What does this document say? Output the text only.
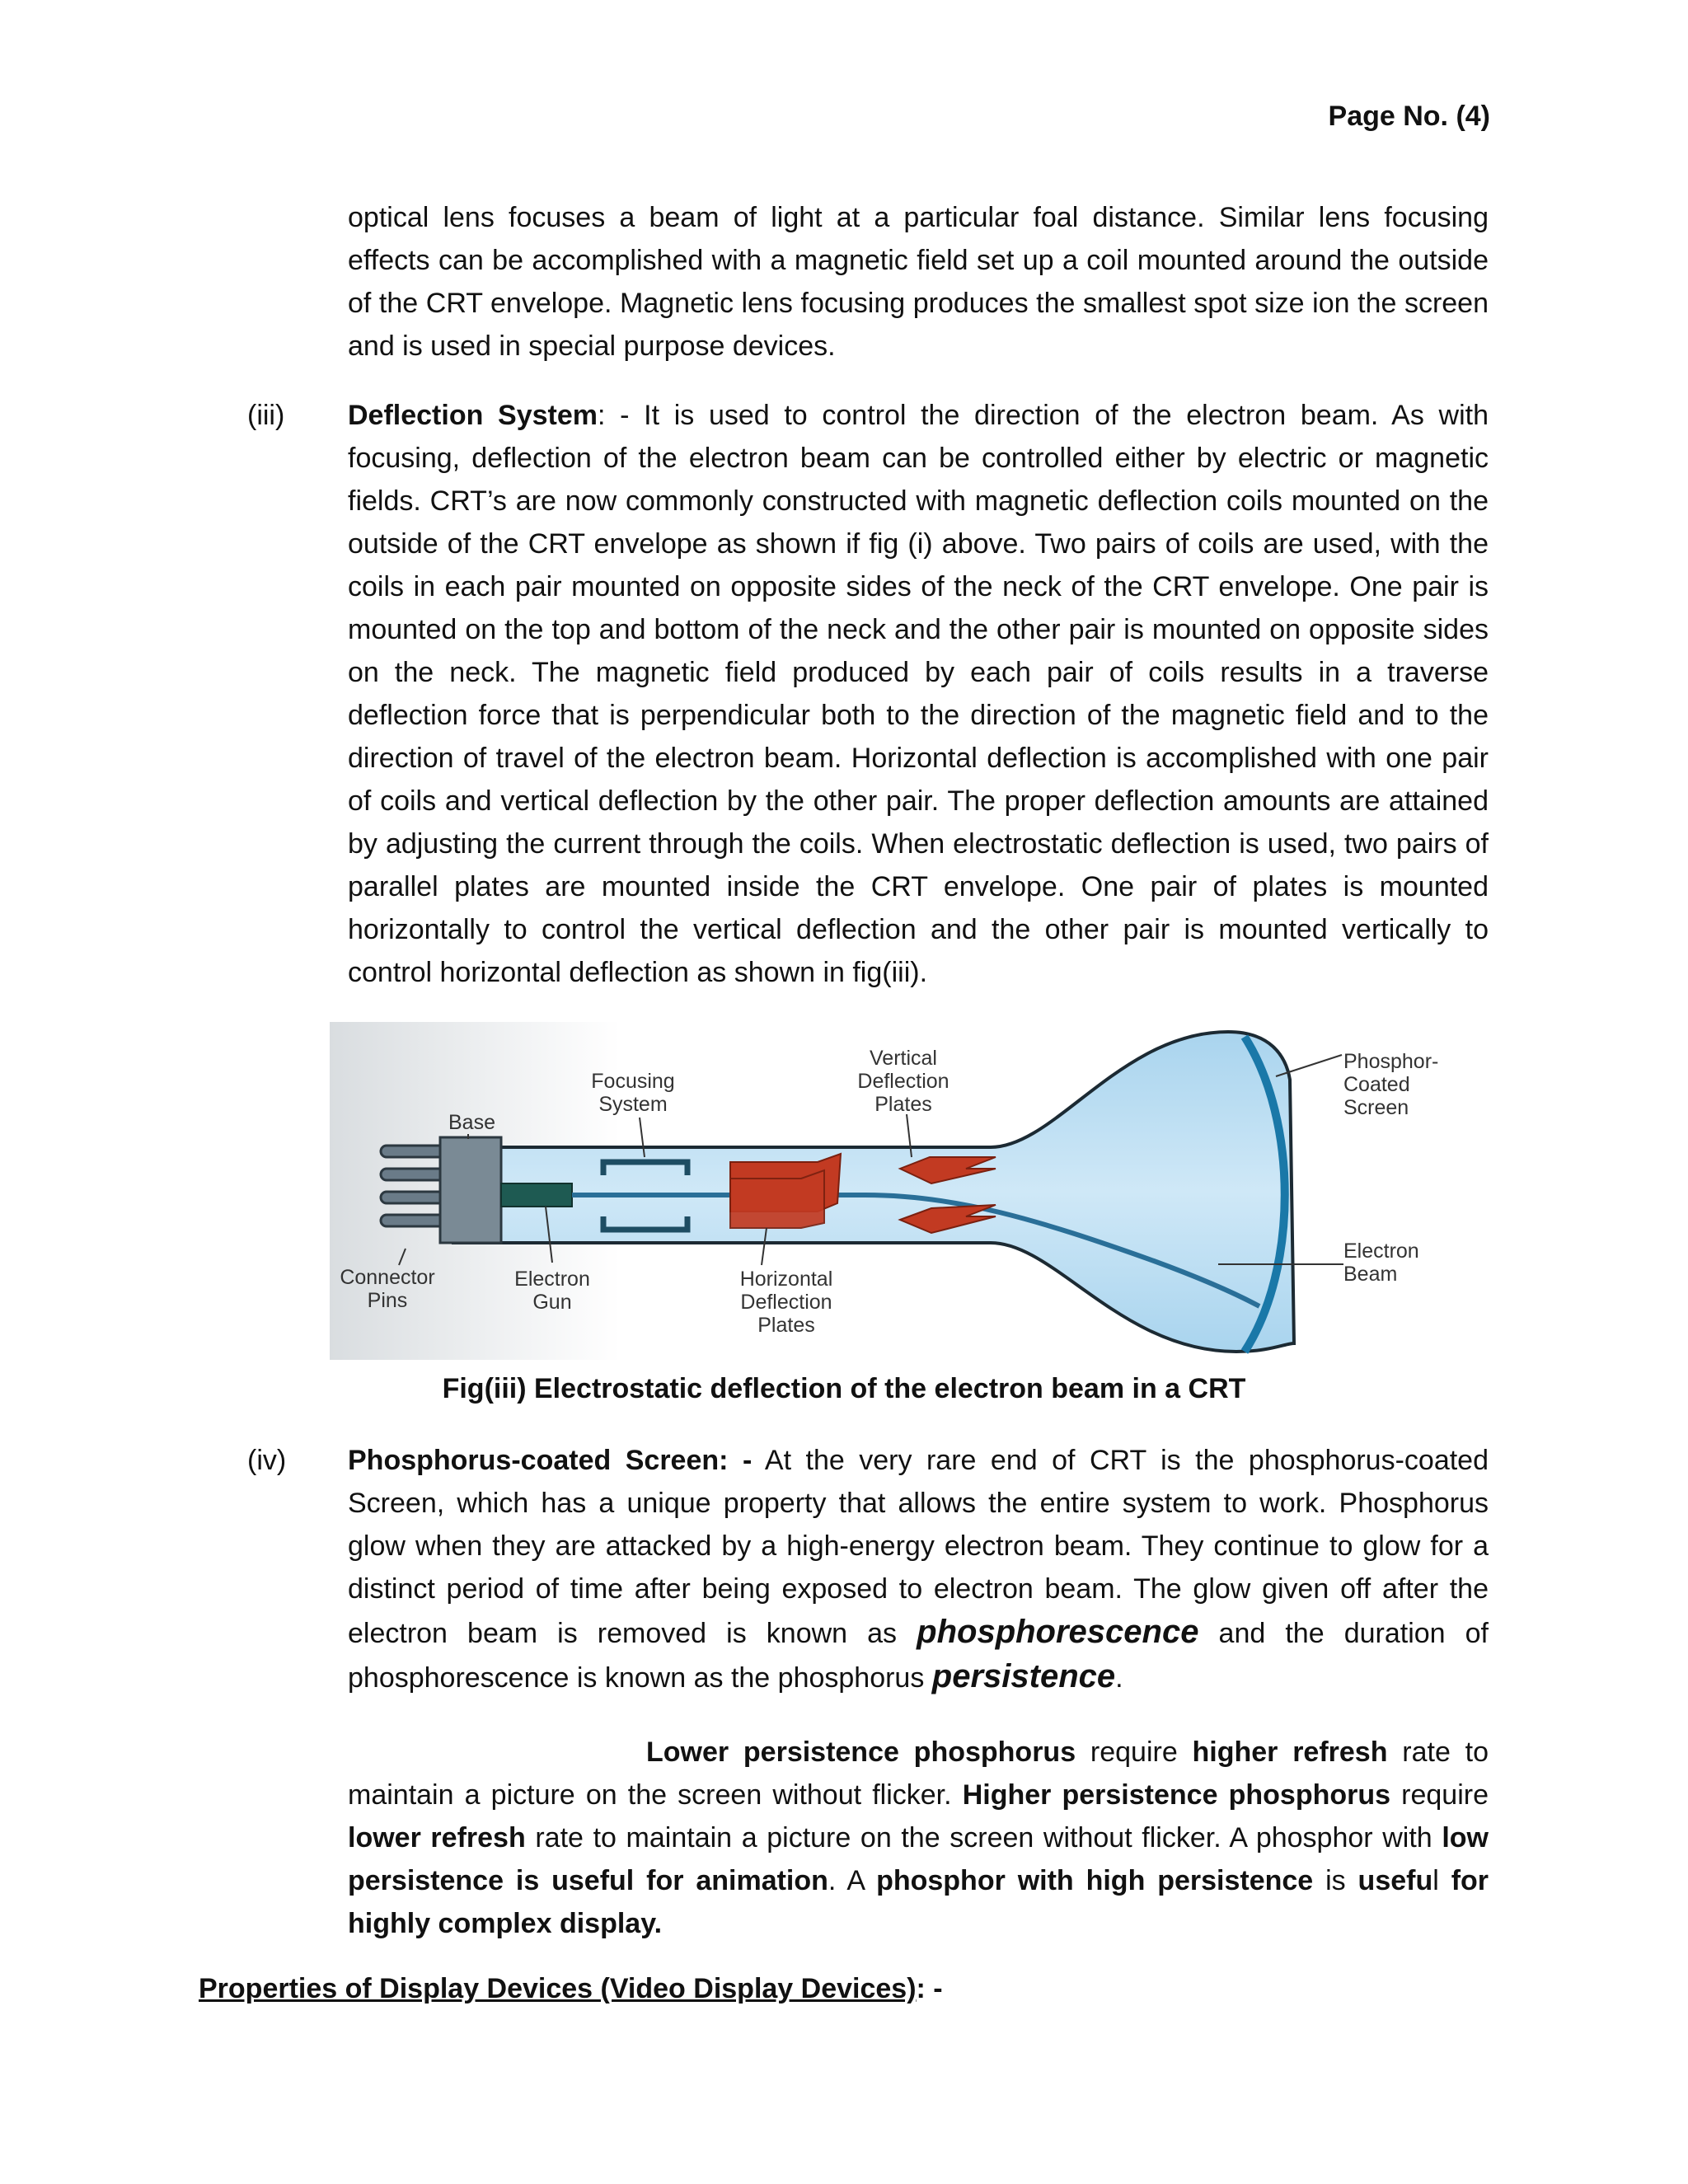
Page No. (4)

optical lens focuses a beam of light at a particular foal distance. Similar lens focusing effects can be accomplished with a magnetic field set up a coil mounted around the outside of the CRT envelope. Magnetic lens focusing produces the smallest spot size ion the screen and is used in special purpose devices.

(iii) Deflection System: - It is used to control the direction of the electron beam. As with focusing, deflection of the electron beam can be controlled either by electric or magnetic fields. CRT’s are now commonly constructed with magnetic deflection coils mounted on the outside of the CRT envelope as shown if fig (i) above. Two pairs of coils are used, with the coils in each pair mounted on opposite sides of the neck of the CRT envelope. One pair is mounted on the top and bottom of the neck and the other pair is mounted on opposite sides on the neck. The magnetic field produced by each pair of coils results in a traverse deflection force that is perpendicular both to the direction of the magnetic field and to the direction of travel of the electron beam. Horizontal deflection is accomplished with one pair of coils and vertical deflection by the other pair. The proper deflection amounts are attained by adjusting the current through the coils. When electrostatic deflection is used, two pairs of parallel plates are mounted inside the CRT envelope. One pair of plates is mounted horizontally to control the vertical deflection and the other pair is mounted vertically to control horizontal deflection as shown in fig(iii).

Base
Focusing
System
Vertical
Deflection
Plates
Phosphor-
Coated
Screen
Connector
Pins
Electron
Gun
Horizontal
Deflection
Plates
Electron
Beam
Fig(iii) Electrostatic deflection of the electron beam in a CRT
(iv) Phosphorus-coated Screen: - At the very rare end of CRT is the phosphorus-coated Screen, which has a unique property that allows the entire system to work. Phosphorus glow when they are attacked by a high-energy electron beam. They continue to glow for a distinct period of time after being exposed to electron beam. The glow given off after the electron beam is removed is known as phosphorescence and the duration of phosphorescence is known as the phosphorus persistence.

Lower persistence phosphorus require higher refresh rate to maintain a picture on the screen without flicker. Higher persistence phosphorus require lower refresh rate to maintain a picture on the screen without flicker. A phosphor with low persistence is useful for animation. A phosphor with high persistence is useful for highly complex display.

Properties of Display Devices (Video Display Devices): -
